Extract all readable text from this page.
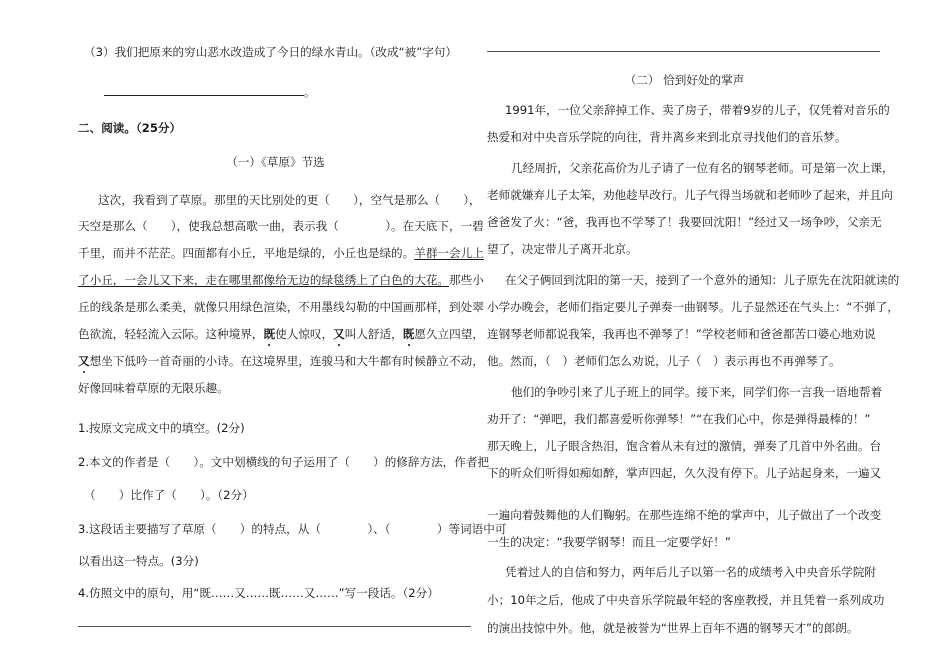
（3）我们把原来的穷山恶水改造成了今日的绿水青山。（改成“被”字句）
。
二、阅读。（25分）
（一）《草原》节选
这次，我看到了草原。那里的天比别处的更（　　），空气是那么（　　），
天空是那么（　　），使我总想高歌一曲，表示我（　　　　）。在天底下，一碧
千里，而并不茫茫。四面都有小丘，平地是绿的，小丘也是绿的。羊群一会儿上
了小丘，一会儿又下来，走在哪里都像给无边的绿毯绣上了白色的大花。那些小
丘的线条是那么柔美，就像只用绿色渲染，不用墨线勾勒的中国画那样，到处翠
色欲流，轻轻流入云际。这种境界，既使人惊叹，又叫人舒适，既愿久立四望，
又想坐下低吟一首奇丽的小诗。在这境界里，连骏马和大牛都有时候静立不动，
好像回味着草原的无限乐趣。
1.按原文完成文中的填空。(2分)
2.本文的作者是（　　）。文中划横线的句子运用了（　　）的修辞方法，作者把
（　　）比作了（　　）。（2分）
3.这段话主要描写了草原（　　）的特点，从（　　　　）、（　　　　）等词语中可
以看出这一特点。(3分)
4.仿照文中的原句，用“既……又……既……又……”写一段话。（2分）
（二） 恰到好处的掌声
1991年，一位父亲辞掉工作、卖了房子，带着9岁的儿子，仅凭着对音乐的
热爱和对中央音乐学院的向往，背井离乡来到北京寻找他们的音乐梦。
几经周折，父亲花高价为儿子请了一位有名的钢琴老师。可是第一次上课，
老师就嫌弃儿子太笨，劝他趁早改行。儿子气得当场就和老师吵了起来，并且向
爸爸发了火：“爸，我再也不学琴了！我要回沈阳！”经过又一场争吵，父亲无
望了，决定带儿子离开北京。
在父子俩回到沈阳的第一天，接到了一个意外的通知：儿子原先在沈阳就读的
小学办晚会，老师们指定要儿子弹奏一曲钢琴。儿子显然还在气头上：“不弹了，
连钢琴老师都说我笨，我再也不弹琴了！”学校老师和爸爸都苦口婆心地劝说
他。然而，（　）老师们怎么劝说，儿子（　）表示再也不再弹琴了。
他们的争吵引来了儿子班上的同学。接下来，同学们你一言我一语地帮着
劝开了：“弹吧，我们都喜爱听你弹琴！”“在我们心中，你是弹得最棒的！”
那天晚上，儿子眼含热泪，饱含着从未有过的激情，弹奏了几首中外名曲。台
下的听众们听得如痴如醉，掌声四起，久久没有停下。儿子站起身来，一遍又
一遍向着鼓舞他的人们鞠躬。在那些连绵不绝的掌声中，儿子做出了一个改变
一生的决定：“我要学钢琴！而且一定要学好！”
凭着过人的自信和努力，两年后儿子以第一名的成绩考入中央音乐学院附
小；10年之后，他成了中央音乐学院最年轻的客座教授，并且凭着一系列成功
的演出技惊中外。他，就是被誉为“世界上百年不遇的钢琴天才”的郎朗。
